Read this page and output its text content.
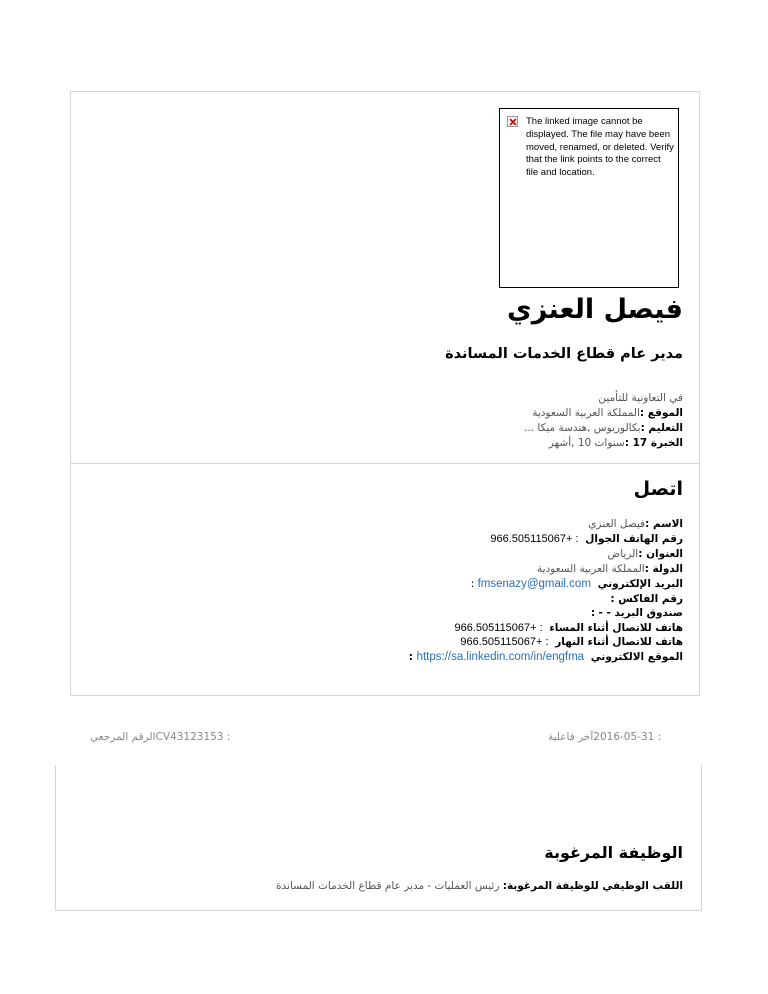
The linked image cannot be displayed. The file may have been moved, renamed, or deleted. Verify that the link points to the correct file and location.
فيصل العنزي
مدير عام قطاع الخدمات المساندة
في التعاونية للتأمين
الموقع :المملكة العربية السعودية
التعليم :بكالوريوس ,هندسة ميكا ...
الخبرة 17 :سنوات 10 ,أشهر
اتصل
الاسم :فيصل العنزي
رقم الهاتف الجوال  966.505115067+ :
العنوان :الرياض
الدولة :المملكة العربية السعودية
البريد الإلكتروني  fmsenazy@gmail.com :
رقم الفاكس :
صندوق البريد - - :
هاتف للاتصال أثناء المساء  966.505115067+ :
هاتف للاتصال أثناء النهار  966.505115067+ :
الموقع الالكتروني  https://sa.linkedin.com/in/engfma :
: 2016-05-31آخر فاعلية
: CV43123153الرقم المرجعي
الوظيفة المرغوبة
اللقب الوظيفي للوظيفة المرغوبة: رئيس العمليات - مدير عام قطاع الخدمات المساندة
